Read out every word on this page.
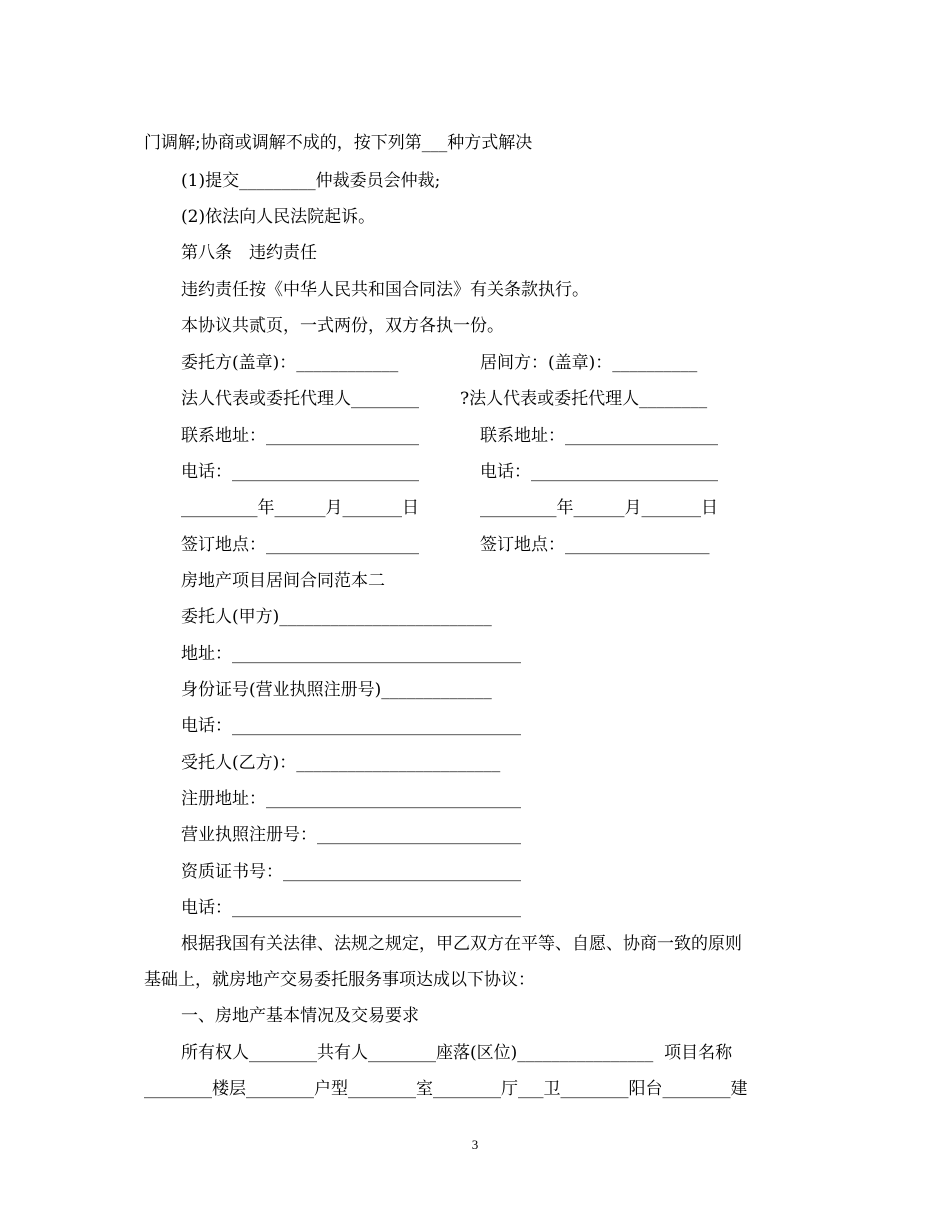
门调解;协商或调解不成的，按下列第___种方式解决
(1)提交_________仲裁委员会仲裁;
(2)依法向人民法院起诉。
第八条　违约责任
违约责任按《中华人民共和国合同法》有关条款执行。
本协议共贰页，一式两份，双方各执一份。
委托方(盖章)：____________	居间方：(盖章)：__________
法人代表或委托代理人________ ?法人代表或委托代理人________
联系地址：__________________	联系地址：__________________
电话：______________________	电话：______________________
_________年______月_______日	_________年______月_______日
签订地点：__________________	签订地点：_________________
房地产项目居间合同范本二
委托人(甲方)_________________________
地址：__________________________________
身份证号(营业执照注册号)_____________
电话：__________________________________
受托人(乙方)：________________________
注册地址：______________________________
营业执照注册号：________________________
资质证书号：____________________________
电话：__________________________________
根据我国有关法律、法规之规定，甲乙双方在平等、自愿、协商一致的原则
基础上，就房地产交易委托服务事项达成以下协议：
一、房地产基本情况及交易要求
所有权人________共有人________座落(区位)________________  项目名称
________楼层________户型________室________厅___卫________阳台________建
3
